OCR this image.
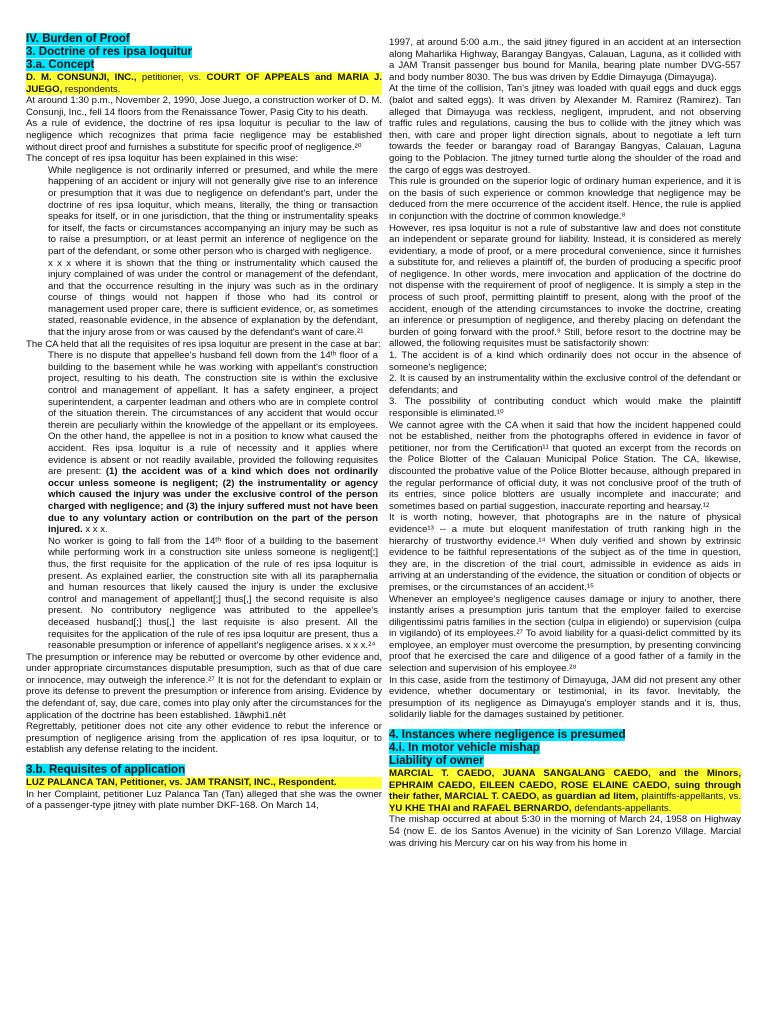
IV. Burden of Proof

3. Doctrine of res ipsa loquitur

3.a. Concept

D. M. CONSUNJI, INC., petitioner, vs. COURT OF APPEALS and MARIA J. JUEGO, respondents.

At around 1:30 p.m., November 2, 1990, Jose Juego, a construction worker of D. M. Consunji, Inc., fell 14 floors from the Renaissance Tower, Pasig City to his death.

As a rule of evidence, the doctrine of res ipsa loquitur is peculiar to the law of negligence which recognizes that prima facie negligence may be established without direct proof and furnishes a substitute for specific proof of negligence.²⁰

The concept of res ipsa loquitur has been explained in this wise:

While negligence is not ordinarily inferred or presumed, and while the mere happening of an accident or injury will not generally give rise to an inference or presumption that it was due to negligence on defendant's part, under the doctrine of res ipsa loquitur, which means, literally, the thing or transaction speaks for itself, or in one jurisdiction, that the thing or instrumentality speaks for itself, the facts or circumstances accompanying an injury may be such as to raise a presumption, or at least permit an inference of negligence on the part of the defendant, or some other person who is charged with negligence.

x x x where it is shown that the thing or instrumentality which caused the injury complained of was under the control or management of the defendant, and that the occurrence resulting in the injury was such as in the ordinary course of things would not happen if those who had its control or management used proper care, there is sufficient evidence, or, as sometimes stated, reasonable evidence, in the absence of explanation by the defendant, that the injury arose from or was caused by the defendant's want of care.²¹

The CA held that all the requisites of res ipsa loquitur are present in the case at bar:

There is no dispute that appellee's husband fell down from the 14ᵗʰ floor of a building to the basement while he was working with appellant's construction project, resulting to his death. The construction site is within the exclusive control and management of appellant. It has a safety engineer, a project superintendent, a carpenter leadman and others who are in complete control of the situation therein. The circumstances of any accident that would occur therein are peculiarly within the knowledge of the appellant or its employees. On the other hand, the appellee is not in a position to know what caused the accident. Res ipsa loquitur is a rule of necessity and it applies where evidence is absent or not readily available, provided the following requisites are present: (1) the accident was of a kind which does not ordinarily occur unless someone is negligent; (2) the instrumentality or agency which caused the injury was under the exclusive control of the person charged with negligence; and (3) the injury suffered must not have been due to any voluntary action or contribution on the part of the person injured. x x x.

No worker is going to fall from the 14ᵗʰ floor of a building to the basement while performing work in a construction site unless someone is negligent[;] thus, the first requisite for the application of the rule of res ipsa loquitur is present. As explained earlier, the construction site with all its paraphernalia and human resources that likely caused the injury is under the exclusive control and management of appellant[;] thus[,] the second requisite is also present. No contributory negligence was attributed to the appellee's deceased husband[;] thus[,] the last requisite is also present. All the requisites for the application of the rule of res ipsa loquitur are present, thus a reasonable presumption or inference of appellant's negligence arises. x x x.²⁴

The presumption or inference may be rebutted or overcome by other evidence and, under appropriate circumstances disputable presumption, such as that of due care or innocence, may outweigh the inference.²⁷ It is not for the defendant to explain or prove its defense to prevent the presumption or inference from arising. Evidence by the defendant of, say, due care, comes into play only after the circumstances for the application of the doctrine has been established. 1ãwphi1.nêt

Regrettably, petitioner does not cite any other evidence to rebut the inference or presumption of negligence arising from the application of res ipsa loquitur, or to establish any defense relating to the incident.

3.b. Requisites of application

LUZ PALANCA TAN, Petitioner, vs. JAM TRANSIT, INC., Respondent.

In her Complaint, petitioner Luz Palanca Tan (Tan) alleged that she was the owner of a passenger-type jitney with plate number DKF-168. On March 14,

1997, at around 5:00 a.m., the said jitney figured in an accident at an intersection along Maharlika Highway, Barangay Bangyas, Calauan, Laguna, as it collided with a JAM Transit passenger bus bound for Manila, bearing plate number DVG-557 and body number 8030. The bus was driven by Eddie Dimayuga (Dimayuga).

At the time of the collision, Tan's jitney was loaded with quail eggs and duck eggs (balot and salted eggs). It was driven by Alexander M. Ramirez (Ramirez). Tan alleged that Dimayuga was reckless, negligent, imprudent, and not observing traffic rules and regulations, causing the bus to collide with the jitney which was then, with care and proper light direction signals, about to negotiate a left turn towards the feeder or barangay road of Barangay Bangyas, Calauan, Laguna going to the Poblacion. The jitney turned turtle along the shoulder of the road and the cargo of eggs was destroyed.

This rule is grounded on the superior logic of ordinary human experience, and it is on the basis of such experience or common knowledge that negligence may be deduced from the mere occurrence of the accident itself. Hence, the rule is applied in conjunction with the doctrine of common knowledge.⁸

However, res ipsa loquitur is not a rule of substantive law and does not constitute an independent or separate ground for liability. Instead, it is considered as merely evidentiary, a mode of proof, or a mere procedural convenience, since it furnishes a substitute for, and relieves a plaintiff of, the burden of producing a specific proof of negligence. In other words, mere invocation and application of the doctrine do not dispense with the requirement of proof of negligence. It is simply a step in the process of such proof, permitting plaintiff to present, along with the proof of the accident, enough of the attending circumstances to invoke the doctrine, creating an inference or presumption of negligence, and thereby placing on defendant the burden of going forward with the proof.⁹ Still, before resort to the doctrine may be allowed, the following requisites must be satisfactorily shown:

1. The accident is of a kind which ordinarily does not occur in the absence of someone's negligence;

2. It is caused by an instrumentality within the exclusive control of the defendant or defendants; and

3. The possibility of contributing conduct which would make the plaintiff responsible is eliminated.¹⁰

We cannot agree with the CA when it said that how the incident happened could not be established, neither from the photographs offered in evidence in favor of petitioner, nor from the Certification¹¹ that quoted an excerpt from the records on the Police Blotter of the Calauan Municipal Police Station. The CA, likewise, discounted the probative value of the Police Blotter because, although prepared in the regular performance of official duty, it was not conclusive proof of the truth of its entries, since police blotters are usually incomplete and inaccurate; and sometimes based on partial suggestion, inaccurate reporting and hearsay.¹²

It is worth noting, however, that photographs are in the nature of physical evidence¹³ -- a mute but eloquent manifestation of truth ranking high in the hierarchy of trustworthy evidence.¹⁴ When duly verified and shown by extrinsic evidence to be faithful representations of the subject as of the time in question, they are, in the discretion of the trial court, admissible in evidence as aids in arriving at an understanding of the evidence, the situation or condition of objects or premises, or the circumstances of an accident.¹⁵

Whenever an employee's negligence causes damage or injury to another, there instantly arises a presumption juris tantum that the employer failed to exercise diligentissimi patris families in the section (culpa in eligiendo) or supervision (culpa in vigilando) of its employees.²⁷ To avoid liability for a quasi-delict committed by its employee, an employer must overcome the presumption, by presenting convincing proof that he exercised the care and diligence of a good father of a family in the selection and supervision of his employee.²⁸

In this case, aside from the testimony of Dimayuga, JAM did not present any other evidence, whether documentary or testimonial, in its favor. Inevitably, the presumption of its negligence as Dimayuga's employer stands and it is, thus, solidarily liable for the damages sustained by petitioner.

4. Instances where negligence is presumed

4.i. In motor vehicle mishap

Liability of owner

MARCIAL T. CAEDO, JUANA SANGALANG CAEDO, and the Minors, EPHRAIM CAEDO, EILEEN CAEDO, ROSE ELAINE CAEDO, suing through their father, MARCIAL T. CAEDO, as guardian ad litem, plaintiffs-appellants, vs. YU KHE THAI and RAFAEL BERNARDO, defendants-appellants.

The mishap occurred at about 5:30 in the morning of March 24, 1958 on Highway 54 (now E. de los Santos Avenue) in the vicinity of San Lorenzo Village. Marcial was driving his Mercury car on his way from his home in
